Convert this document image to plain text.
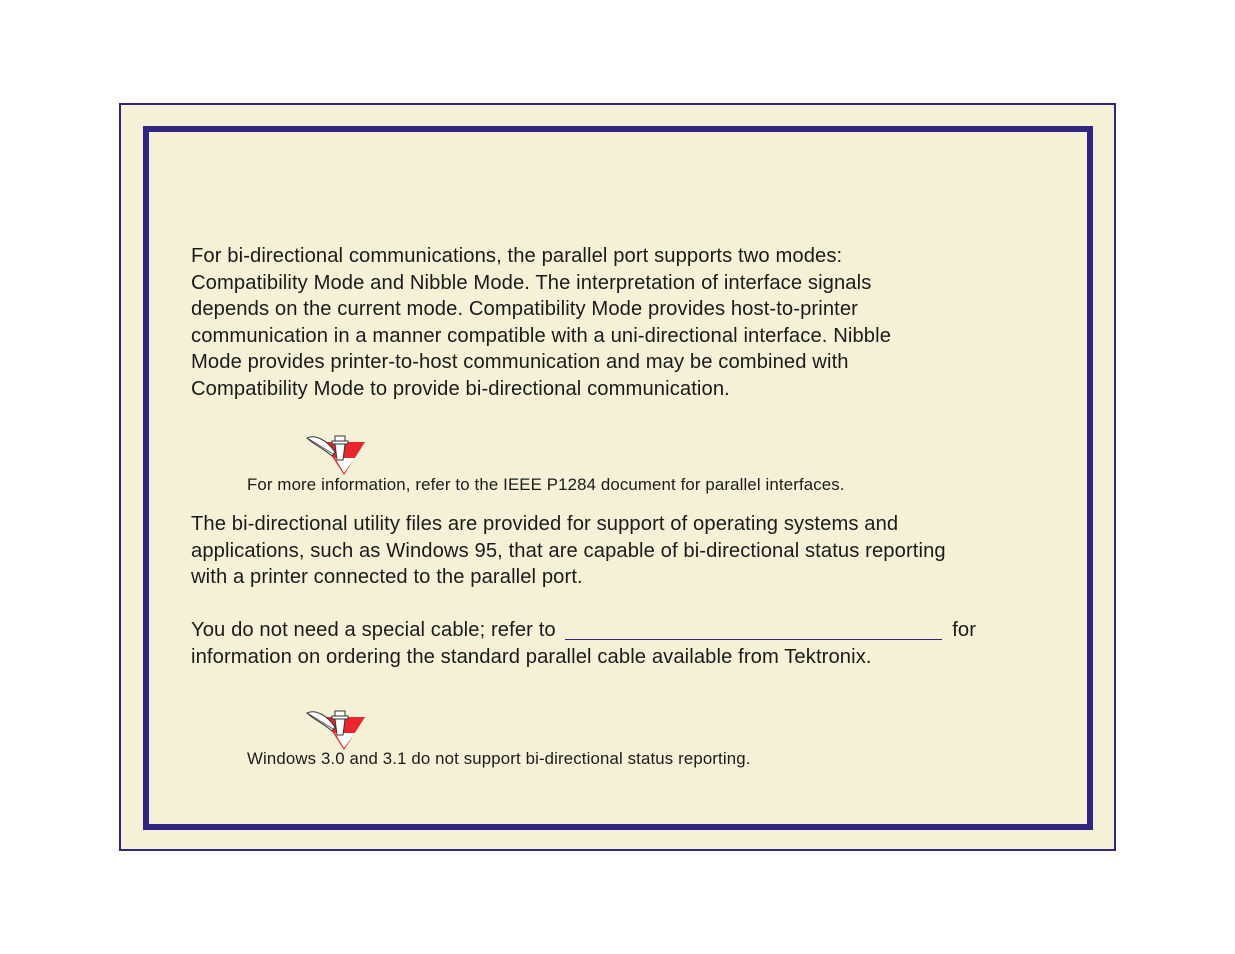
For bi-directional communications, the parallel port supports two modes:
Compatibility Mode and Nibble Mode. The interpretation of interface signals
depends on the current mode. Compatibility Mode provides host-to-printer
communication in a manner compatible with a uni-directional interface. Nibble
Mode provides printer-to-host communication and may be combined with
Compatibility Mode to provide bi-directional communication.

For more information, refer to the IEEE P1284 document for parallel interfaces.

The bi-directional utility files are provided for support of operating systems and
applications, such as Windows 95, that are capable of bi-directional status reporting
with a printer connected to the parallel port.

You do not need a special cable; refer to	for
information on ordering the standard parallel cable available from Tektronix.

Windows 3.0 and 3.1 do not support bi-directional status reporting.
